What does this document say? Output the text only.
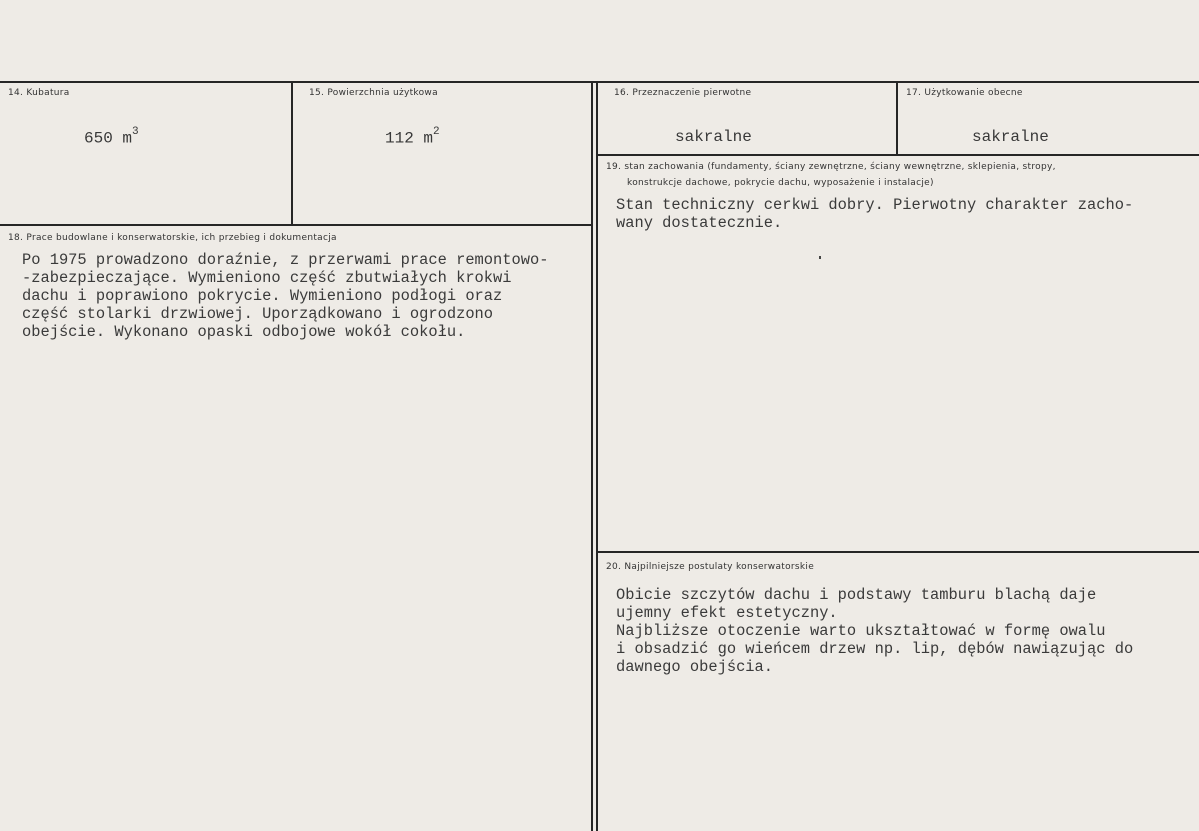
14. Kubatura
650 $m^3$
15. Powierzchnia użytkowa
112 $m^2$
16. Przeznaczenie pierwotne
sakralne
17. Użytkowanie obecne
sakralne
18. Prace budowlane i konserwatorskie, ich przebieg i dokumentacja
Po 1975 prowadzono doraźnie, z przerwami prace remontowo-
-zabezpieczające. Wymieniono część zbutwiałych krokwi
dachu i poprawiono pokrycie. Wymieniono podłogi oraz
część stolarki drzwiowej. Uporządkowano i ogrodzono
obejście. Wykonano opaski odbojowe wokół cokołu.
19. stan zachowania (fundamenty, ściany zewnętrzne, ściany wewnętrzne, sklepienia, stropy,
konstrukcje dachowe, pokrycie dachu, wyposażenie i instalacje)
Stan techniczny cerkwi dobry. Pierwotny charakter zacho-
wany dostatecznie.
20. Najpilniejsze postulaty konserwatorskie
Obicie szczytów dachu i podstawy tamburu blachą daje
ujemny efekt estetyczny.
Najbliższe otoczenie warto ukształtować w formę owalu
i obsadzić go wieńcem drzew np. lip, dębów nawiązując do
dawnego obejścia.
